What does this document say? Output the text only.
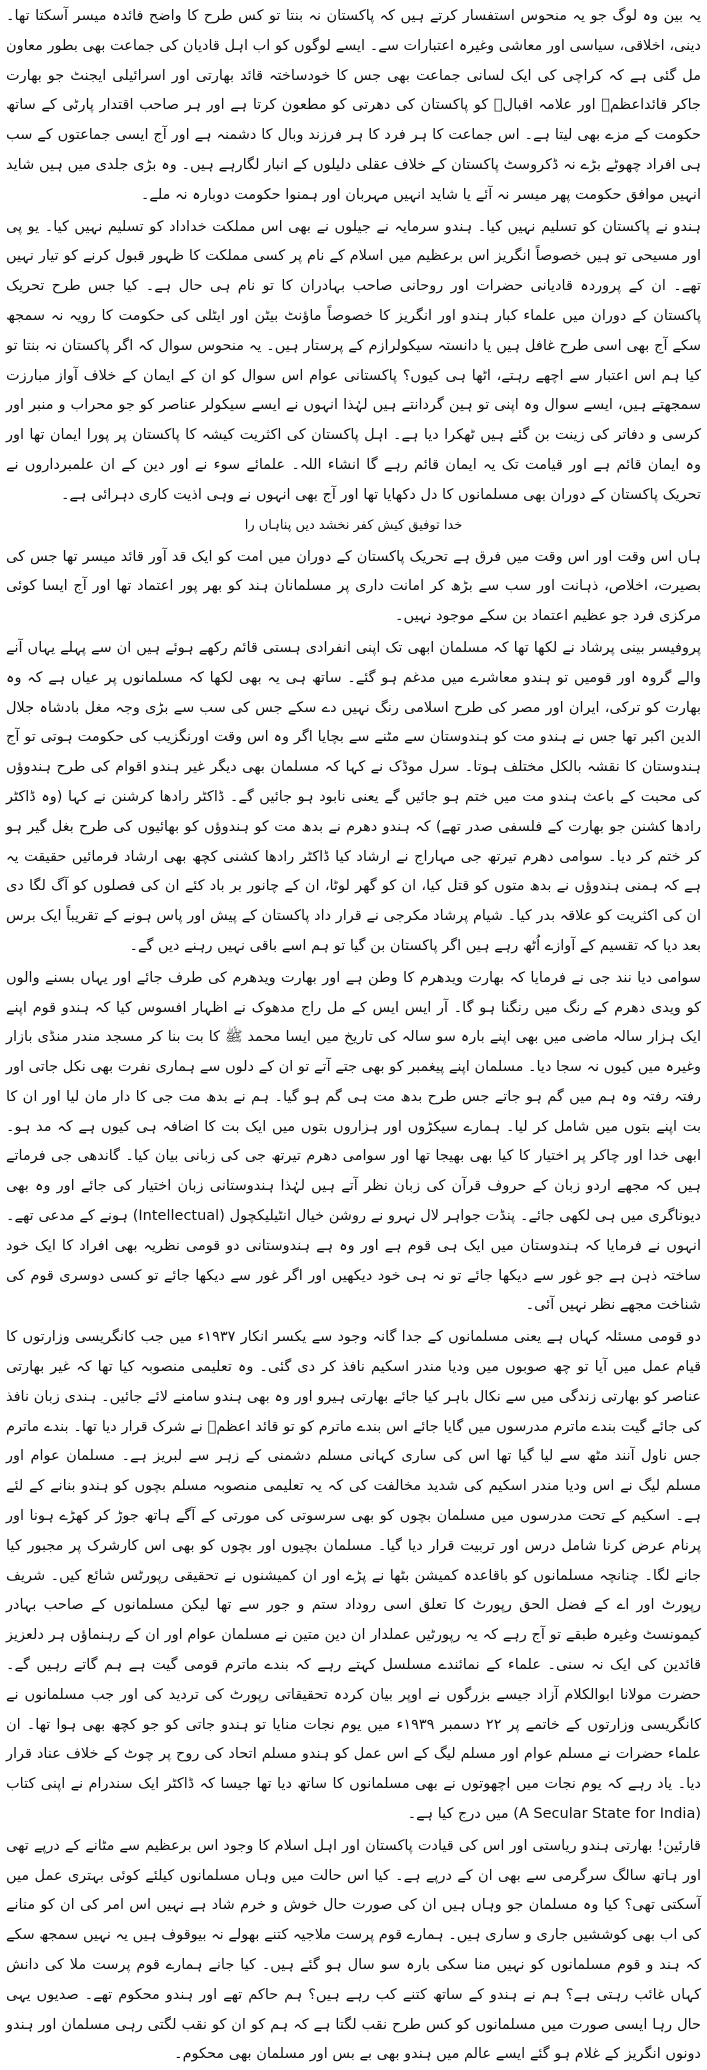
یہ بین وہ لوگ جو یہ منحوس استفسار کرتے ہیں کہ پاکستان نہ بنتا تو کس طرح کا واضح فائدہ میسر آسکتا تھا۔ دینی، اخلاقی، سیاسی اور معاشی وغیرہ اعتبارات سے۔ ایسے لوگوں کو اب اہل قادیان کی جماعت بھی بطور معاون مل گئی ہے کہ کراچی کی ایک لسانی جماعت بھی جس کا خودساختہ قائد بھارتی اور اسرائیلی ایجنٹ جو بھارت جاکر قائداعظمؒ اور علامہ اقبالؒ کو پاکستان کی دھرتی کو مطعون کرتا ہے اور ہر صاحب اقتدار پارٹی کے ساتھ حکومت کے مزے بھی لیتا ہے۔ اس جماعت کا ہر فرد کا ہر فرزند وبال کا دشمنہ ہے اور آج ایسی جماعتوں کے سب ہی افراد چھوٹے بڑے نہ ڈکروسٹ پاکستان کے خلاف عقلی دلیلوں کے انبار لگارہے ہیں۔ وہ بڑی جلدی میں ہیں شاید انہیں موافق حکومت پھر میسر نہ آئے یا شاید انہیں مہربان اور ہمنوا حکومت دوبارہ نہ ملے۔

ہندو نے پاکستان کو تسلیم نہیں کیا۔ ہندو سرمایہ نے جیلوں نے بھی اس مملکت خداداد کو تسلیم نہیں کیا۔ یو پی اور مسیحی تو ہیں خصوصاً انگریز اس برعظیم میں اسلام کے نام پر کسی مملکت کا ظہور قبول کرنے کو تیار نہیں تھے۔ ان کے پروردہ قادیانی حضرات اور روحانی صاحب بہادران کا تو نام ہی حال ہے۔ کیا جس طرح تحریک پاکستان کے دوران میں علماء کبار ہندو اور انگریز کا خصوصاً ماؤنٹ بیٹن اور ایٹلی کی حکومت کا رویہ نہ سمجھ سکے آج بھی اسی طرح غافل ہیں یا دانستہ سیکولرازم کے پرستار ہیں۔ یہ منحوس سوال کہ اگر پاکستان نہ بنتا تو کیا ہم اس اعتبار سے اچھے رہتے، اٹھا ہی کیوں؟ پاکستانی عوام اس سوال کو ان کے ایمان کے خلاف آواز مبارزت سمجھتے ہیں، ایسے سوال وہ اپنی تو ہین گردانتے ہیں لہٰذا انہوں نے ایسے سیکولر عناصر کو جو محراب و منبر اور کرسی و دفاتر کی زینت بن گئے ہیں ٹھکرا دیا ہے۔ اہل پاکستان کی اکثریت کیشہ کا پاکستان پر پورا ایمان تھا اور وہ ایمان قائم ہے اور قیامت تک یہ ایمان قائم رہے گا انشاء اللہ۔ علمائے سوء نے اور دین کے ان علمبرداروں نے تحریک پاکستان کے دوران بھی مسلمانوں کا دل دکھایا تھا اور آج بھی انہوں نے وہی اذیت کاری دہرائی ہے۔

خدا توفیق کیش کفر نخشد دیں پناہاں را

ہاں اس وقت اور اس وقت میں فرق ہے تحریک پاکستان کے دوران میں امت کو ایک قد آور قائد میسر تھا جس کی بصیرت، اخلاص، ذہانت اور سب سے بڑھ کر امانت داری پر مسلمانان ہند کو بھر پور اعتماد تھا اور آج ایسا کوئی مرکزی فرد جو عظیم اعتماد بن سکے موجود نہیں۔

پروفیسر بینی پرشاد نے لکھا تھا کہ مسلمان ابھی تک اپنی انفرادی ہستی قائم رکھے ہوئے ہیں ان سے پہلے یہاں آنے والے گروہ اور قومیں تو ہندو معاشرے میں مدغم ہو گئے۔ ساتھ ہی یہ بھی لکھا کہ مسلمانوں پر عیاں ہے کہ وہ بھارت کو ترکی، ایران اور مصر کی طرح اسلامی رنگ نہیں دے سکے جس کی سب سے بڑی وجہ مغل بادشاہ جلال الدین اکبر تھا جس نے ہندو مت کو ہندوستان سے مٹنے سے بچایا اگر وہ اس وقت اورنگزیب کی حکومت ہوتی تو آج ہندوستان کا نقشہ بالکل مختلف ہوتا۔ سرل موڈک نے کہا کہ مسلمان بھی دیگر غیر ہندو اقوام کی طرح ہندوؤں کی محبت کے باعث ہندو مت میں ختم ہو جائیں گے یعنی نابود ہو جائیں گے۔ ڈاکٹر رادھا کرشنن نے کہا (وہ ڈاکٹر رادھا کشنن جو بھارت کے فلسفی صدر تھے) کہ ہندو دھرم نے بدھ مت کو ہندوؤں کو بھائیوں کی طرح بغل گیر ہو کر ختم کر دیا۔ سوامی دھرم تیرتھ جی مہاراج نے ارشاد کیا ڈاکٹر رادھا کشنی کچھ بھی ارشاد فرمائیں حقیقت یہ ہے کہ ہمنی ہندوؤں نے بدھ متوں کو قتل کیا، ان کو گھر لوٹا، ان کے چانور بر باد کئے ان کی فصلوں کو آگ لگا دی ان کی اکثریت کو علاقہ بدر کیا۔ شیام پرشاد مکرجی نے قرار داد پاکستان کے پیش اور پاس ہونے کے تقریباً ایک برس بعد دیا کہ تقسیم کے آوازے اُٹھ رہے ہیں اگر پاکستان بن گیا تو ہم اسے باقی نہیں رہنے دیں گے۔

سوامی دیا نند جی نے فرمایا کہ بھارت ویدھرم کا وطن ہے اور بھارت ویدھرم کی طرف جائے اور یہاں بسنے والوں کو ویدی دھرم کے رنگ میں رنگنا ہو گا۔ آر ایس ایس کے مل راج مدھوک نے اظہار افسوس کیا کہ ہندو قوم اپنے ایک ہزار سالہ ماضی میں بھی اپنے بارہ سو سالہ کی تاریخ میں ایسا محمد ﷺ کا بت بنا کر مسجد مندر منڈی بازار وغیرہ میں کیوں نہ سجا دیا۔ مسلمان اپنے پیغمبر کو بھی جتے آتے تو ان کے دلوں سے ہماری نفرت بھی نکل جاتی اور رفتہ رفتہ وہ ہم میں گم ہو جاتے جس طرح بدھ مت ہی گم ہو گیا۔ ہم نے بدھ مت جی کا دار مان لیا اور ان کا بت اپنے بتوں میں شامل کر لیا۔ ہمارے سیکڑوں اور ہزاروں بتوں میں ایک بت کا اضافہ ہی کیوں ہے کہ مد ہو۔ ابھی خدا اور چاکر پر اختیار کا کیا بھی بھیجا تھا اور سوامی دھرم تیرتھ جی کی زبانی بیان کیا۔ گاندھی جی فرماتے ہیں کہ مجھے اردو زبان کے حروف قرآن کی زبان نظر آتے ہیں لہٰذا ہندوستانی زبان اختیار کی جائے اور وہ بھی دیوناگری میں ہی لکھی جائے۔ پنڈت جواہر لال نہرو نے روشن خیال انٹیلیکچول (Intellectual) ہونے کے مدعی تھے۔ انہوں نے فرمایا کہ ہندوستان میں ایک ہی قوم ہے اور وہ ہے ہندوستانی دو قومی نظریہ بھی افراد کا ایک خود ساختہ ذہن ہے جو غور سے دیکھا جائے تو نہ ہی خود دیکھیں اور اگر غور سے دیکھا جائے تو کسی دوسری قوم کی شناخت مجھے نظر نہیں آئی۔

دو قومی مسئلہ کہاں ہے یعنی مسلمانوں کے جدا گانہ وجود سے یکسر انکار ۱۹۳۷ء میں جب کانگریسی وزارتوں کا قیام عمل میں آیا تو چھ صوبوں میں ودیا مندر اسکیم نافذ کر دی گئی۔ وہ تعلیمی منصوبہ کیا تھا کہ غیر بھارتی عناصر کو بھارتی زندگی میں سے نکال باہر کیا جائے بھارتی ہیرو اور وہ بھی ہندو سامنے لائے جائیں۔ ہندی زبان نافذ کی جائے گیت بندے ماترم مدرسوں میں گایا جائے اس بندے ماترم کو تو قائد اعظمؒ نے شرک قرار دیا تھا۔ بندے ماترم جس ناول آنند مٹھ سے لیا گیا تھا اس کی ساری کہانی مسلم دشمنی کے زہر سے لبریز ہے۔ مسلمان عوام اور مسلم لیگ نے اس ودیا مندر اسکیم کی شدید مخالفت کی کہ یہ تعلیمی منصوبہ مسلم بچوں کو ہندو بنانے کے لئے ہے۔ اسکیم کے تحت مدرسوں میں مسلمان بچوں کو بھی سرسوتی کی مورتی کے آگے ہاتھ جوڑ کر کھڑے ہونا اور پرنام عرض کرنا شامل درس اور تربیت قرار دیا گیا۔ مسلمان بچیوں اور بچوں کو بھی اس کارشرک پر مجبور کیا جانے لگا۔ چنانچہ مسلمانوں کو باقاعدہ کمیشن بٹھا نے پڑے اور ان کمیشنوں نے تحقیقی رپورٹس شائع کیں۔ شریف رپورٹ اور اے کے فضل الحق رپورٹ کا تعلق اسی روداد ستم و جور سے تھا لیکن مسلمانوں کے صاحب بہادر کیمونسٹ وغیرہ طبقے تو آج رہے کہ یہ رپورٹیں عملدار ان دین متین نے مسلمان عوام اور ان کے رہنماؤں ہر دلعزیز قائدین کی ایک نہ سنی۔ علماء کے نمائندے مسلسل کہتے رہے کہ بندے ماترم قومی گیت ہے ہم گاتے رہیں گے۔ حضرت مولانا ابوالکلام آزاد جیسے بزرگوں نے اوپر بیان کردہ تحقیقاتی رپورٹ کی تردید کی اور جب مسلمانوں نے کانگریسی وزارتوں کے خاتمے پر ۲۲ دسمبر ۱۹۳۹ء میں یوم نجات منایا تو ہندو جاتی کو جو کچھ بھی ہوا تھا۔ ان علماء حضرات نے مسلم عوام اور مسلم لیگ کے اس عمل کو ہندو مسلم اتحاد کی روح پر چوٹ کے خلاف عناد قرار دیا۔ یاد رہے کہ یوم نجات میں اچھوتوں نے بھی مسلمانوں کا ساتھ دیا تھا جیسا کہ ڈاکٹر ایک سندرام نے اپنی کتاب (A Secular State for India) میں درج کیا ہے۔

قارئین! بھارتی ہندو ریاستی اور اس کی قیادت پاکستان اور اہل اسلام کا وجود اس برعظیم سے مٹانے کے درپے تھی اور ہاتھ سالگ سرگرمی سے بھی ان کے درپے ہے۔ کیا اس حالت میں وہاں مسلمانوں کیلئے کوئی بہتری عمل میں آسکتی تھی؟ کیا وہ مسلمان جو وہاں ہیں ان کی صورت حال خوش و خرم شاد ہے نہیں اس امر کی ان کو منانے کی اب بھی کوششیں جاری و ساری ہیں۔ ہمارے قوم پرست ملاجیہ کتنے بھولے نہ بیوقوف ہیں یہ نہیں سمجھ سکے کہ ہند و قوم مسلمانوں کو نہیں منا سکی بارہ سو سال ہو گئے ہیں۔ کیا جانے ہمارے قوم پرست ملا کی دانش کہاں غائب رہتی ہے؟ ہم نے ہندو کے ساتھ کتنے کب رہے ہیں؟ ہم حاکم تھے اور ہندو محکوم تھے۔ صدیوں یہی حال رہا ایسی صورت میں مسلمانوں کو کس طرح نقب لگتا ہے کہ ہم کو ان کو نقب لگتی رہی مسلمان اور ہندو دونوں انگریز کے غلام ہو گئے ایسے عالم میں ہندو بھی بے بس اور مسلمان بھی محکوم۔
